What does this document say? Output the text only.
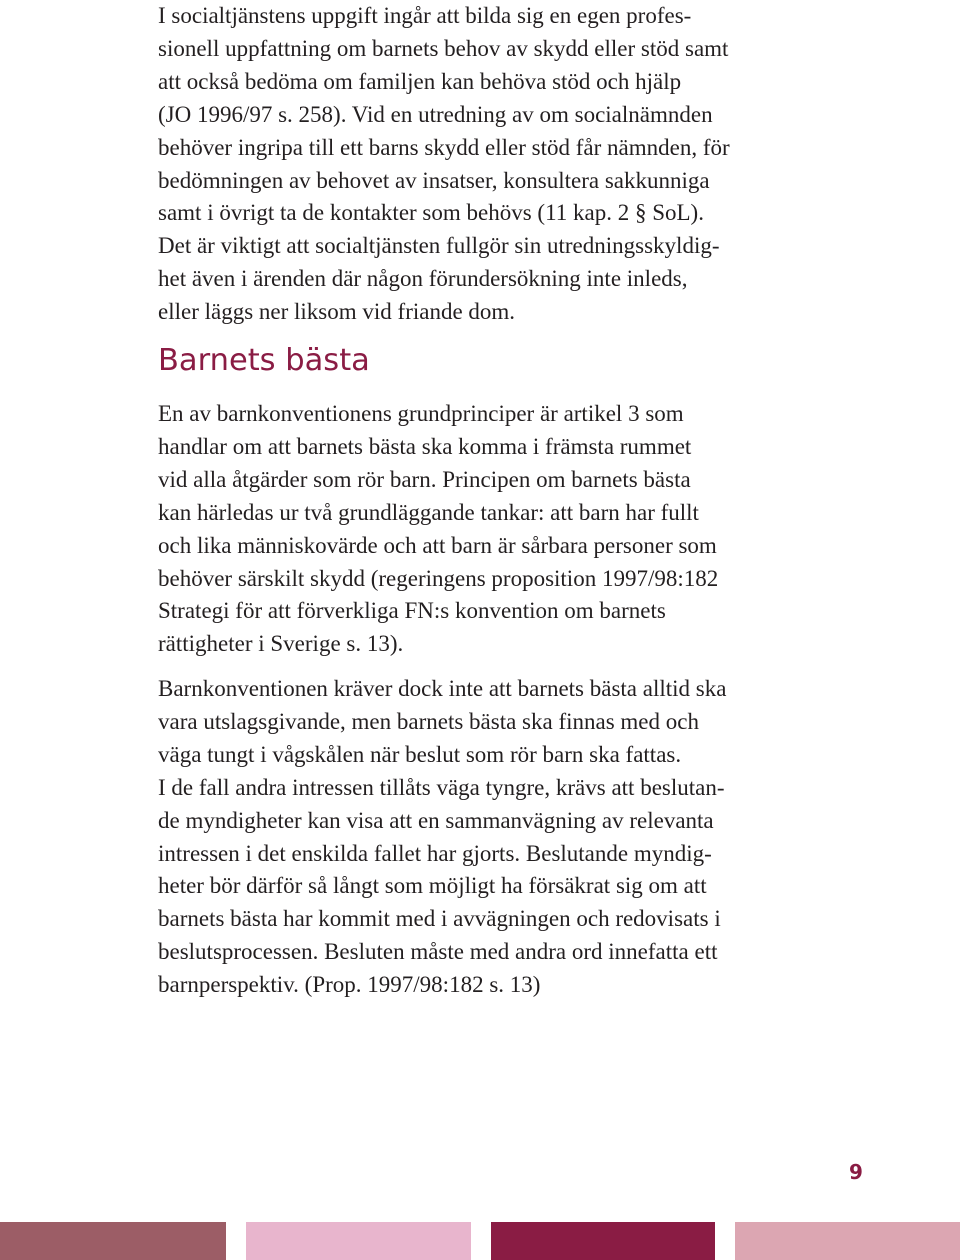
I socialtjänstens uppgift ingår att bilda sig en egen profes-
sionell uppfattning om barnets behov av skydd eller stöd samt
att också bedöma om familjen kan behöva stöd och hjälp
(JO 1996/97 s. 258). Vid en utredning av om socialnämnden
behöver ingripa till ett barns skydd eller stöd får nämnden, för
bedömningen av behovet av insatser, konsultera sakkunniga
samt i övrigt ta de kontakter som behövs (11 kap. 2 § SoL).
Det är viktigt att socialtjänsten fullgör sin utredningsskyldig-
het även i ärenden där någon förundersökning inte inleds,
eller läggs ner liksom vid friande dom.
Barnets bästa
En av barnkonventionens grundprinciper är artikel 3 som
handlar om att barnets bästa ska komma i främsta rummet
vid alla åtgärder som rör barn. Principen om barnets bästa
kan härledas ur två grundläggande tankar: att barn har fullt
och lika människovärde och att barn är sårbara personer som
behöver särskilt skydd (regeringens proposition 1997/98:182
Strategi för att förverkliga FN:s konvention om barnets
rättigheter i Sverige s. 13).
Barnkonventionen kräver dock inte att barnets bästa alltid ska
vara utslagsgivande, men barnets bästa ska finnas med och
väga tungt i vågskålen när beslut som rör barn ska fattas.
I de fall andra intressen tillåts väga tyngre, krävs att beslutan-
de myndigheter kan visa att en sammanvägning av relevanta
intressen i det enskilda fallet har gjorts. Beslutande myndig-
heter bör därför så långt som möjligt ha försäkrat sig om att
barnets bästa har kommit med i avvägningen och redovisats i
beslutsprocessen. Besluten måste med andra ord innefatta ett
barnperspektiv. (Prop. 1997/98:182 s. 13)
9
